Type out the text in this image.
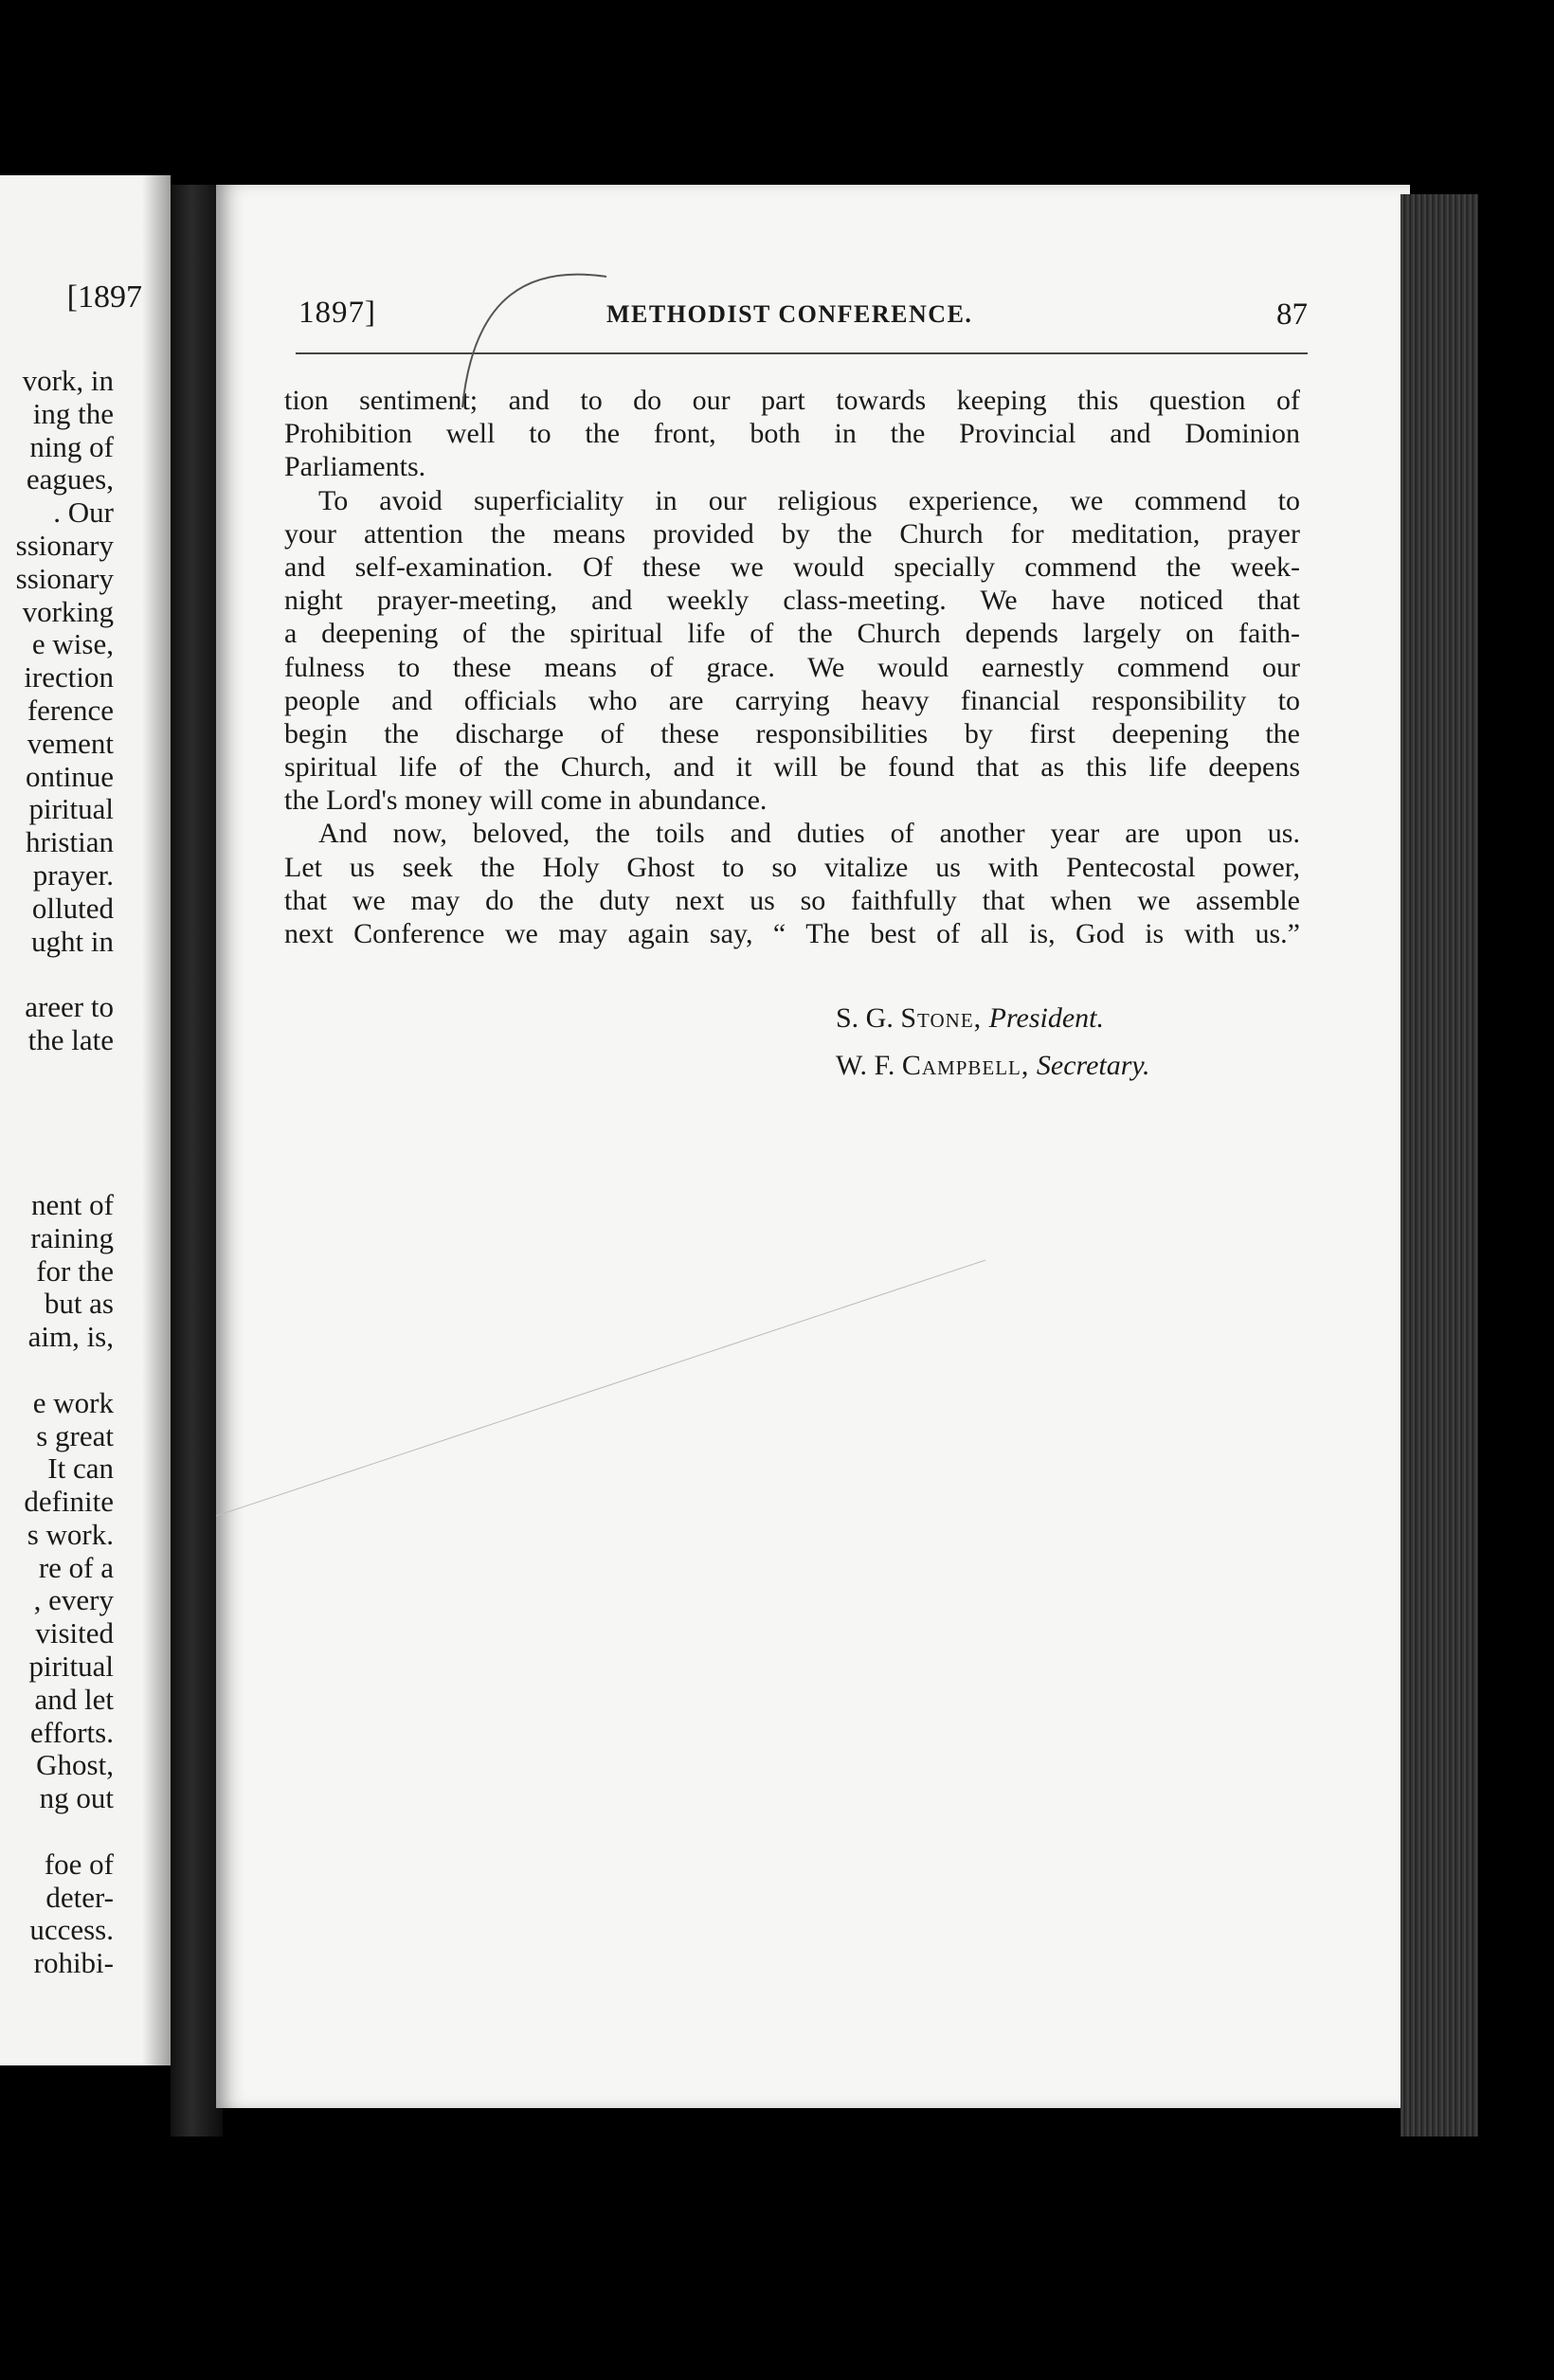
[1897
vork, in
ing the
ning of
eagues,
. Our
ssionary
ssionary
vorking
e wise,
irection
ference
vement
ontinue
piritual
hristian
prayer.
olluted
ught in
areer to
the late
nent of
raining
for the
but as
aim, is,
e work
s great
It can
definite
s work.
re of a
, every
visited
piritual
and let
efforts.
Ghost,
ng out
foe of
deter-
uccess.
rohibi-
1897]	METHODIST CONFERENCE.	87
tion sentiment; and to do our part towards keeping this question of
Prohibition well to the front, both in the Provincial and Dominion
Parliaments.
To avoid superficiality in our religious experience, we commend to
your attention the means provided by the Church for meditation, prayer
and self-examination. Of these we would specially commend the week-
night prayer-meeting, and weekly class-meeting. We have noticed that
a deepening of the spiritual life of the Church depends largely on faith-
fulness to these means of grace. We would earnestly commend our
people and officials who are carrying heavy financial responsibility to
begin the discharge of these responsibilities by first deepening the
spiritual life of the Church, and it will be found that as this life deepens
the Lord's money will come in abundance.
And now, beloved, the toils and duties of another year are upon us.
Let us seek the Holy Ghost to so vitalize us with Pentecostal power,
that we may do the duty next us so faithfully that when we assemble
next Conference we may again say, “ The best of all is, God is with us.”
S. G. Stone, President.
W. F. Campbell, Secretary.
